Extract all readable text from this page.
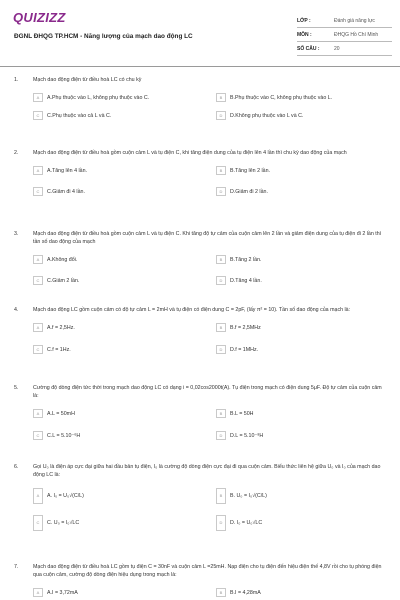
QUIZIZZ
ĐGNL ĐHQG TP.HCM - Năng lượng của mạch dao động LC
LỚP :	Đánh giá năng lực
MÔN :	ĐHQG Hồ Chí Minh
SỐ CÂU :	20
1.	Mạch dao động điện từ điều hoà LC có chu kỳ
A	A.Phụ thuộc vào L, không phụ thuộc vào C.	B	B.Phụ thuộc vào C, không phụ thuộc vào L.
C	C.Phụ thuộc vào cả L và C.	D	D.Không phụ thuộc vào L và C.
2.	Mạch dao động điện từ điều hoà gồm cuộn cảm L và tụ điện C, khi tăng điện dung của tụ điện lên 4 lần thì chu kỳ dao động của mạch
A	A.Tăng lên 4 lần.	B	B.Tăng lên 2 lần.
C	C.Giảm đi 4 lần.	D	D.Giảm đi 2 lần.
3.	Mạch dao động điện từ điều hoà gồm cuộn cảm L và tụ điện C. Khi tăng độ tự cảm của cuộn cảm lên 2 lần và giảm điện dung của tụ điện đi 2 lần thì tần số dao động của mạch
A	A.Không đổi.	B	B.Tăng 2 lần.
C	C.Giảm 2 lần.	D	D.Tăng 4 lần.
4.	Mạch dao động LC gồm cuộn cảm có độ tự cảm L = 2mH và tụ điện có điện dung C = 2pF, (lấy π² = 10). Tần số dao động của mạch là:
A	A.f = 2,5Hz.	B	B.f = 2,5MHz
C	C.f = 1Hz.	D	D.f = 1MHz.
5.	Cường độ dòng điện tức thời trong mạch dao động LC có dạng i = 0,02cos2000t(A). Tụ điện trong mạch có điện dung 5μF. Độ tự cảm của cuộn cảm là:
A	A.L = 50mH	B	B.L = 50H
C	C.L = 5.10⁻⁶H	D	D.L = 5.10⁻⁸H
6.	Gọi U₀ là điện áp cực đại giữa hai đầu bản tụ điện, I₀ là cường độ dòng điện cực đại đi qua cuộn cảm. Biểu thức liên hệ giữa U₀ và I₀ của mạch dao động LC là:
A	A. I₀ = U₀√(C/L)	B	B. U₀ = I₀√(C/L)
C	C. U₀ = I₀√LC	D	D. I₀ = U₀√LC
7.	Mạch dao động điện từ điều hoà LC gồm tụ điện C = 30nF và cuộn cảm L =25mH. Nạp điện cho tụ điện đến hiệu điện thế 4,8V rồi cho tụ phóng điện qua cuộn cảm, cường độ dòng điện hiệu dụng trong mạch là:
A	A.I = 3,72mA	B	B.I = 4,28mA
